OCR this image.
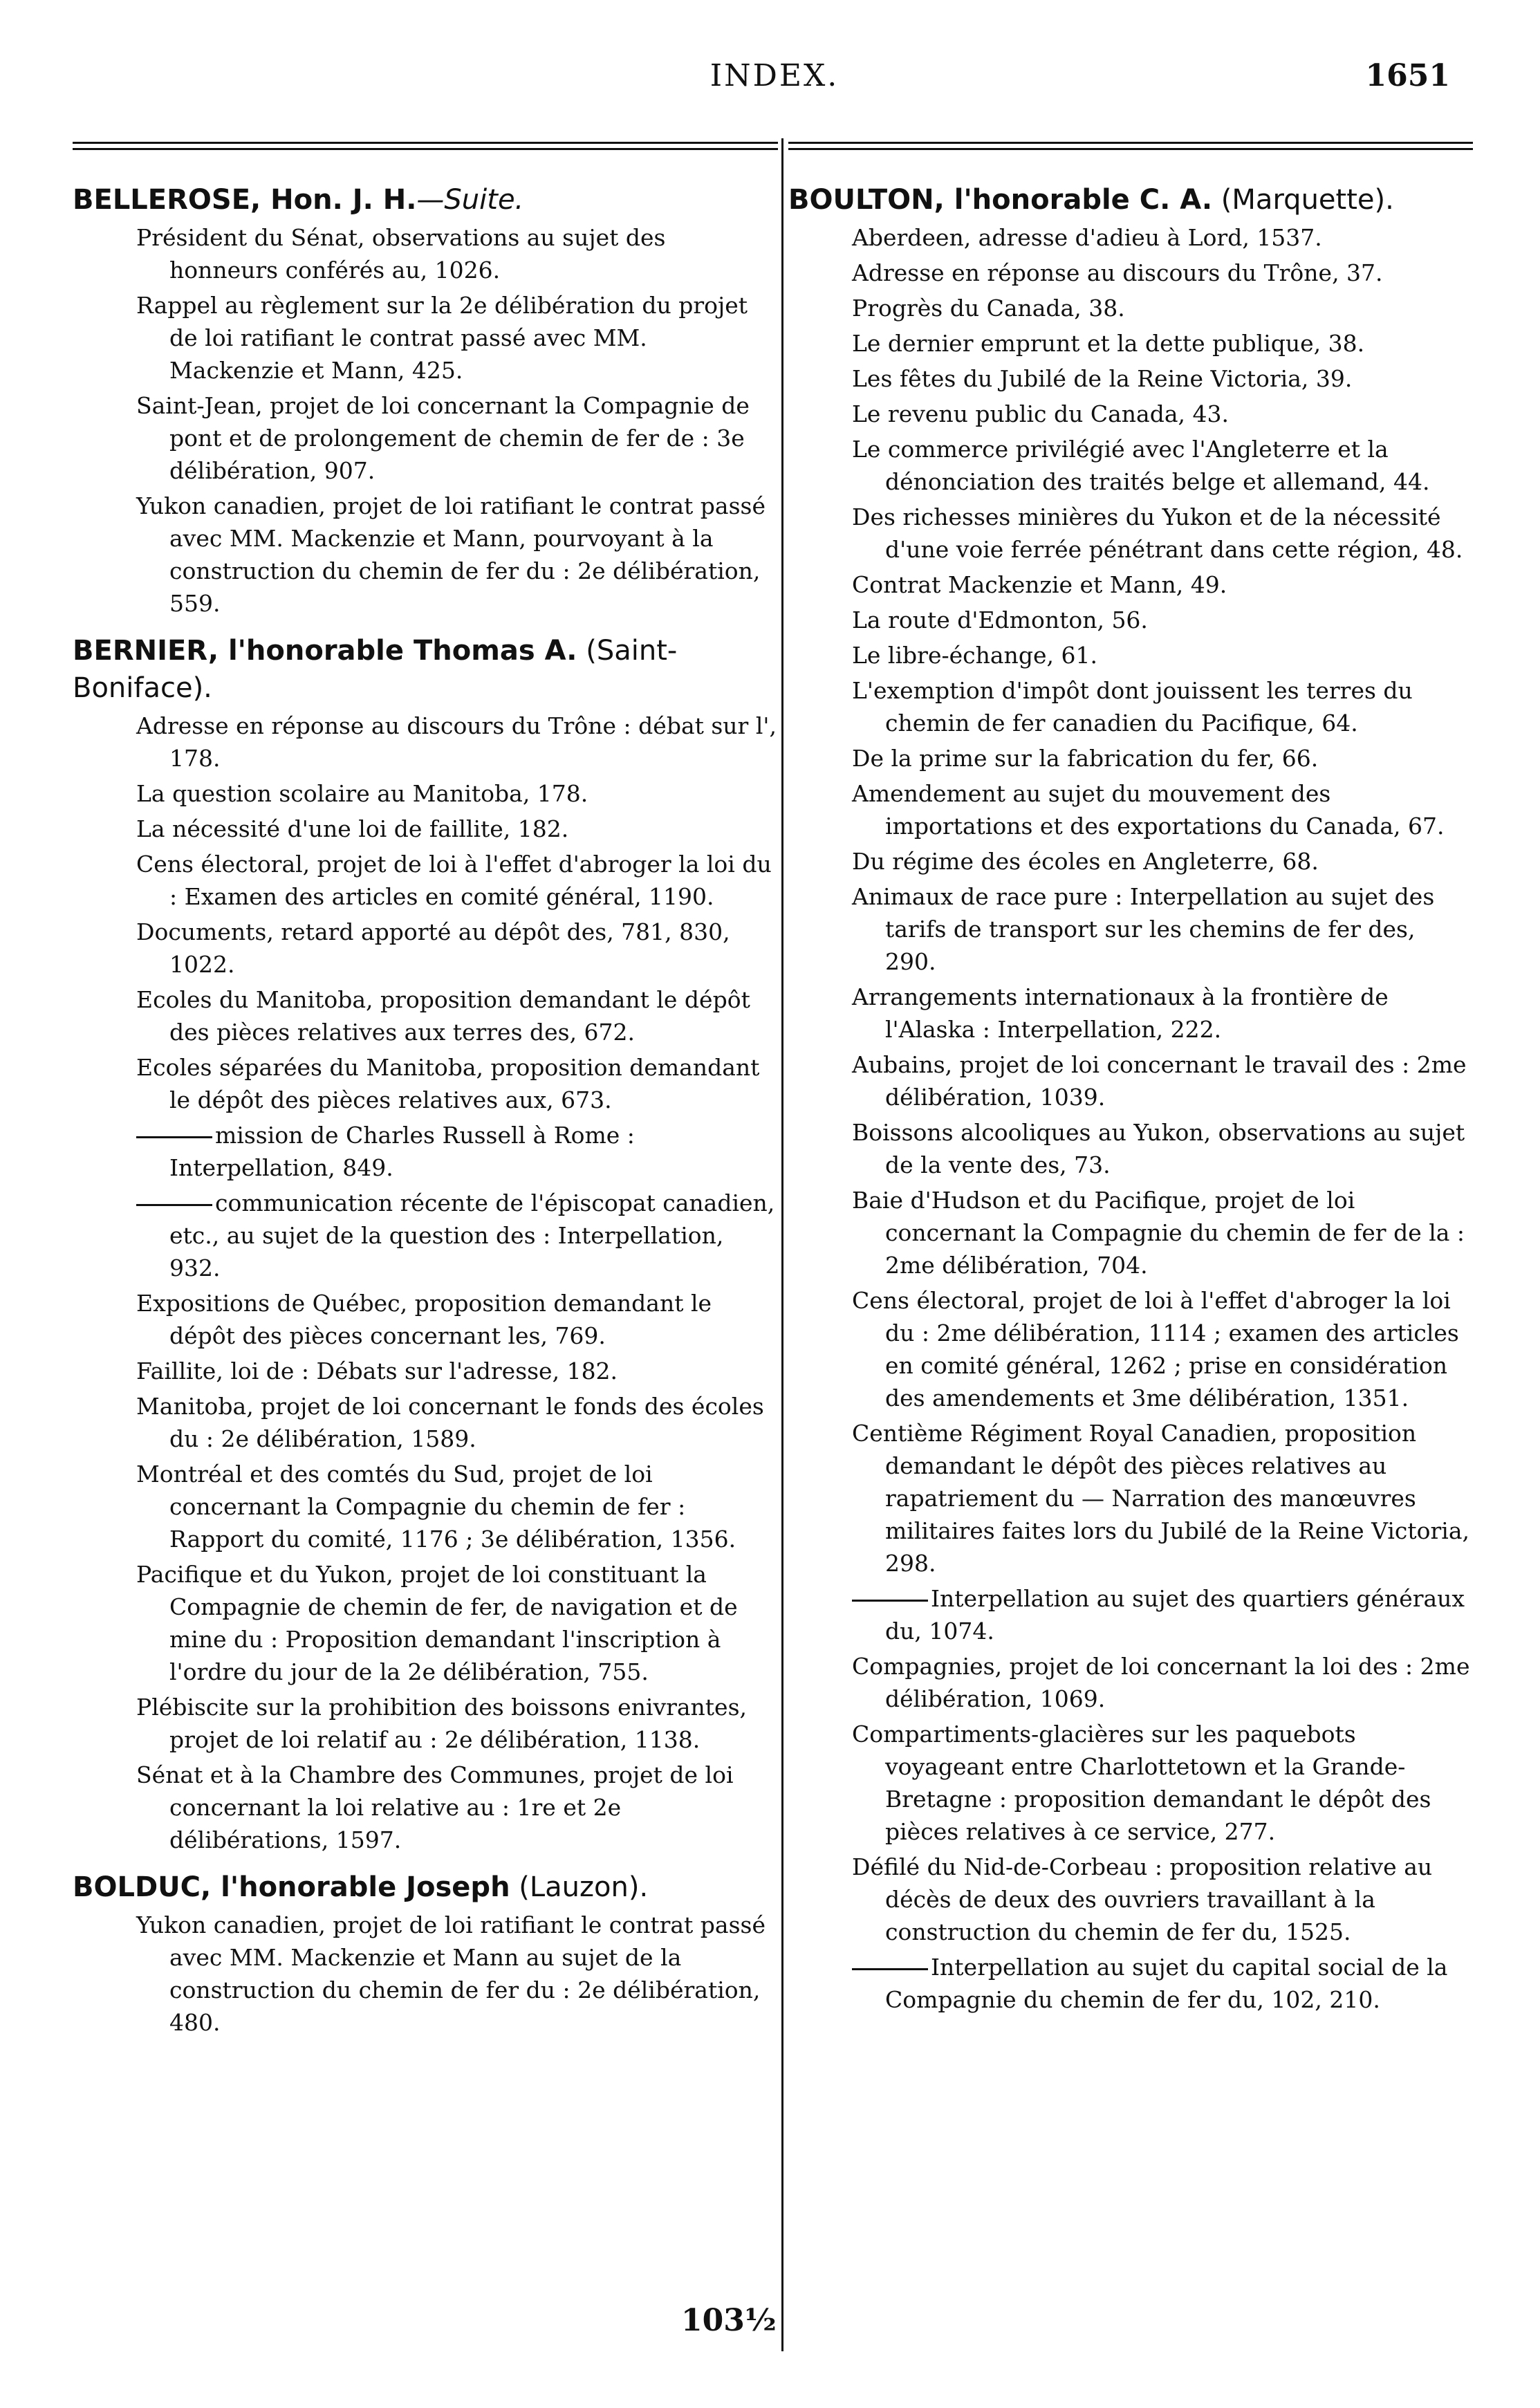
INDEX.	1651
BELLEROSE, Hon. J. H.—Suite.
Président du Sénat, observations au sujet des honneurs conférés au, 1026.
Rappel au règlement sur la 2e délibération du projet de loi ratifiant le contrat passé avec MM. Mackenzie et Mann, 425.
Saint-Jean, projet de loi concernant la Compagnie de pont et de prolongement de chemin de fer de : 3e délibération, 907.
Yukon canadien, projet de loi ratifiant le contrat passé avec MM. Mackenzie et Mann, pourvoyant à la construction du chemin de fer du : 2e délibération, 559.
BERNIER, l'honorable Thomas A. (Saint-Boniface).
Adresse en réponse au discours du Trône : débat sur l', 178.
La question scolaire au Manitoba, 178.
La nécessité d'une loi de faillite, 182.
Cens électoral, projet de loi à l'effet d'abroger la loi du : Examen des articles en comité général, 1190.
Documents, retard apporté au dépôt des, 781, 830, 1022.
Ecoles du Manitoba, proposition demandant le dépôt des pièces relatives aux terres des, 672.
Ecoles séparées du Manitoba, proposition demandant le dépôt des pièces relatives aux, 673.
mission de Charles Russell à Rome : Interpellation, 849.
communication récente de l'épiscopat canadien, etc., au sujet de la question des : Interpellation, 932.
Expositions de Québec, proposition demandant le dépôt des pièces concernant les, 769.
Faillite, loi de : Débats sur l'adresse, 182.
Manitoba, projet de loi concernant le fonds des écoles du : 2e délibération, 1589.
Montréal et des comtés du Sud, projet de loi concernant la Compagnie du chemin de fer : Rapport du comité, 1176 ; 3e délibération, 1356.
Pacifique et du Yukon, projet de loi constituant la Compagnie de chemin de fer, de navigation et de mine du : Proposition demandant l'inscription à l'ordre du jour de la 2e délibération, 755.
Plébiscite sur la prohibition des boissons enivrantes, projet de loi relatif au : 2e délibération, 1138.
Sénat et à la Chambre des Communes, projet de loi concernant la loi relative au : 1re et 2e délibérations, 1597.
BOLDUC, l'honorable Joseph (Lauzon).
Yukon canadien, projet de loi ratifiant le contrat passé avec MM. Mackenzie et Mann au sujet de la construction du chemin de fer du : 2e délibération, 480.
BOULTON, l'honorable C. A. (Marquette).
Aberdeen, adresse d'adieu à Lord, 1537.
Adresse en réponse au discours du Trône, 37.
Progrès du Canada, 38.
Le dernier emprunt et la dette publique, 38.
Les fêtes du Jubilé de la Reine Victoria, 39.
Le revenu public du Canada, 43.
Le commerce privilégié avec l'Angleterre et la dénonciation des traités belge et allemand, 44.
Des richesses minières du Yukon et de la nécessité d'une voie ferrée pénétrant dans cette région, 48.
Contrat Mackenzie et Mann, 49.
La route d'Edmonton, 56.
Le libre-échange, 61.
L'exemption d'impôt dont jouissent les terres du chemin de fer canadien du Pacifique, 64.
De la prime sur la fabrication du fer, 66.
Amendement au sujet du mouvement des importations et des exportations du Canada, 67.
Du régime des écoles en Angleterre, 68.
Animaux de race pure : Interpellation au sujet des tarifs de transport sur les chemins de fer des, 290.
Arrangements internationaux à la frontière de l'Alaska : Interpellation, 222.
Aubains, projet de loi concernant le travail des : 2me délibération, 1039.
Boissons alcooliques au Yukon, observations au sujet de la vente des, 73.
Baie d'Hudson et du Pacifique, projet de loi concernant la Compagnie du chemin de fer de la : 2me délibération, 704.
Cens électoral, projet de loi à l'effet d'abroger la loi du : 2me délibération, 1114 ; examen des articles en comité général, 1262 ; prise en considération des amendements et 3me délibération, 1351.
Centième Régiment Royal Canadien, proposition demandant le dépôt des pièces relatives au rapatriement du — Narration des manœuvres militaires faites lors du Jubilé de la Reine Victoria, 298.
Interpellation au sujet des quartiers généraux du, 1074.
Compagnies, projet de loi concernant la loi des : 2me délibération, 1069.
Compartiments-glacières sur les paquebots voyageant entre Charlottetown et la Grande-Bretagne : proposition demandant le dépôt des pièces relatives à ce service, 277.
Défilé du Nid-de-Corbeau : proposition relative au décès de deux des ouvriers travaillant à la construction du chemin de fer du, 1525.
Interpellation au sujet du capital social de la Compagnie du chemin de fer du, 102, 210.
103½
